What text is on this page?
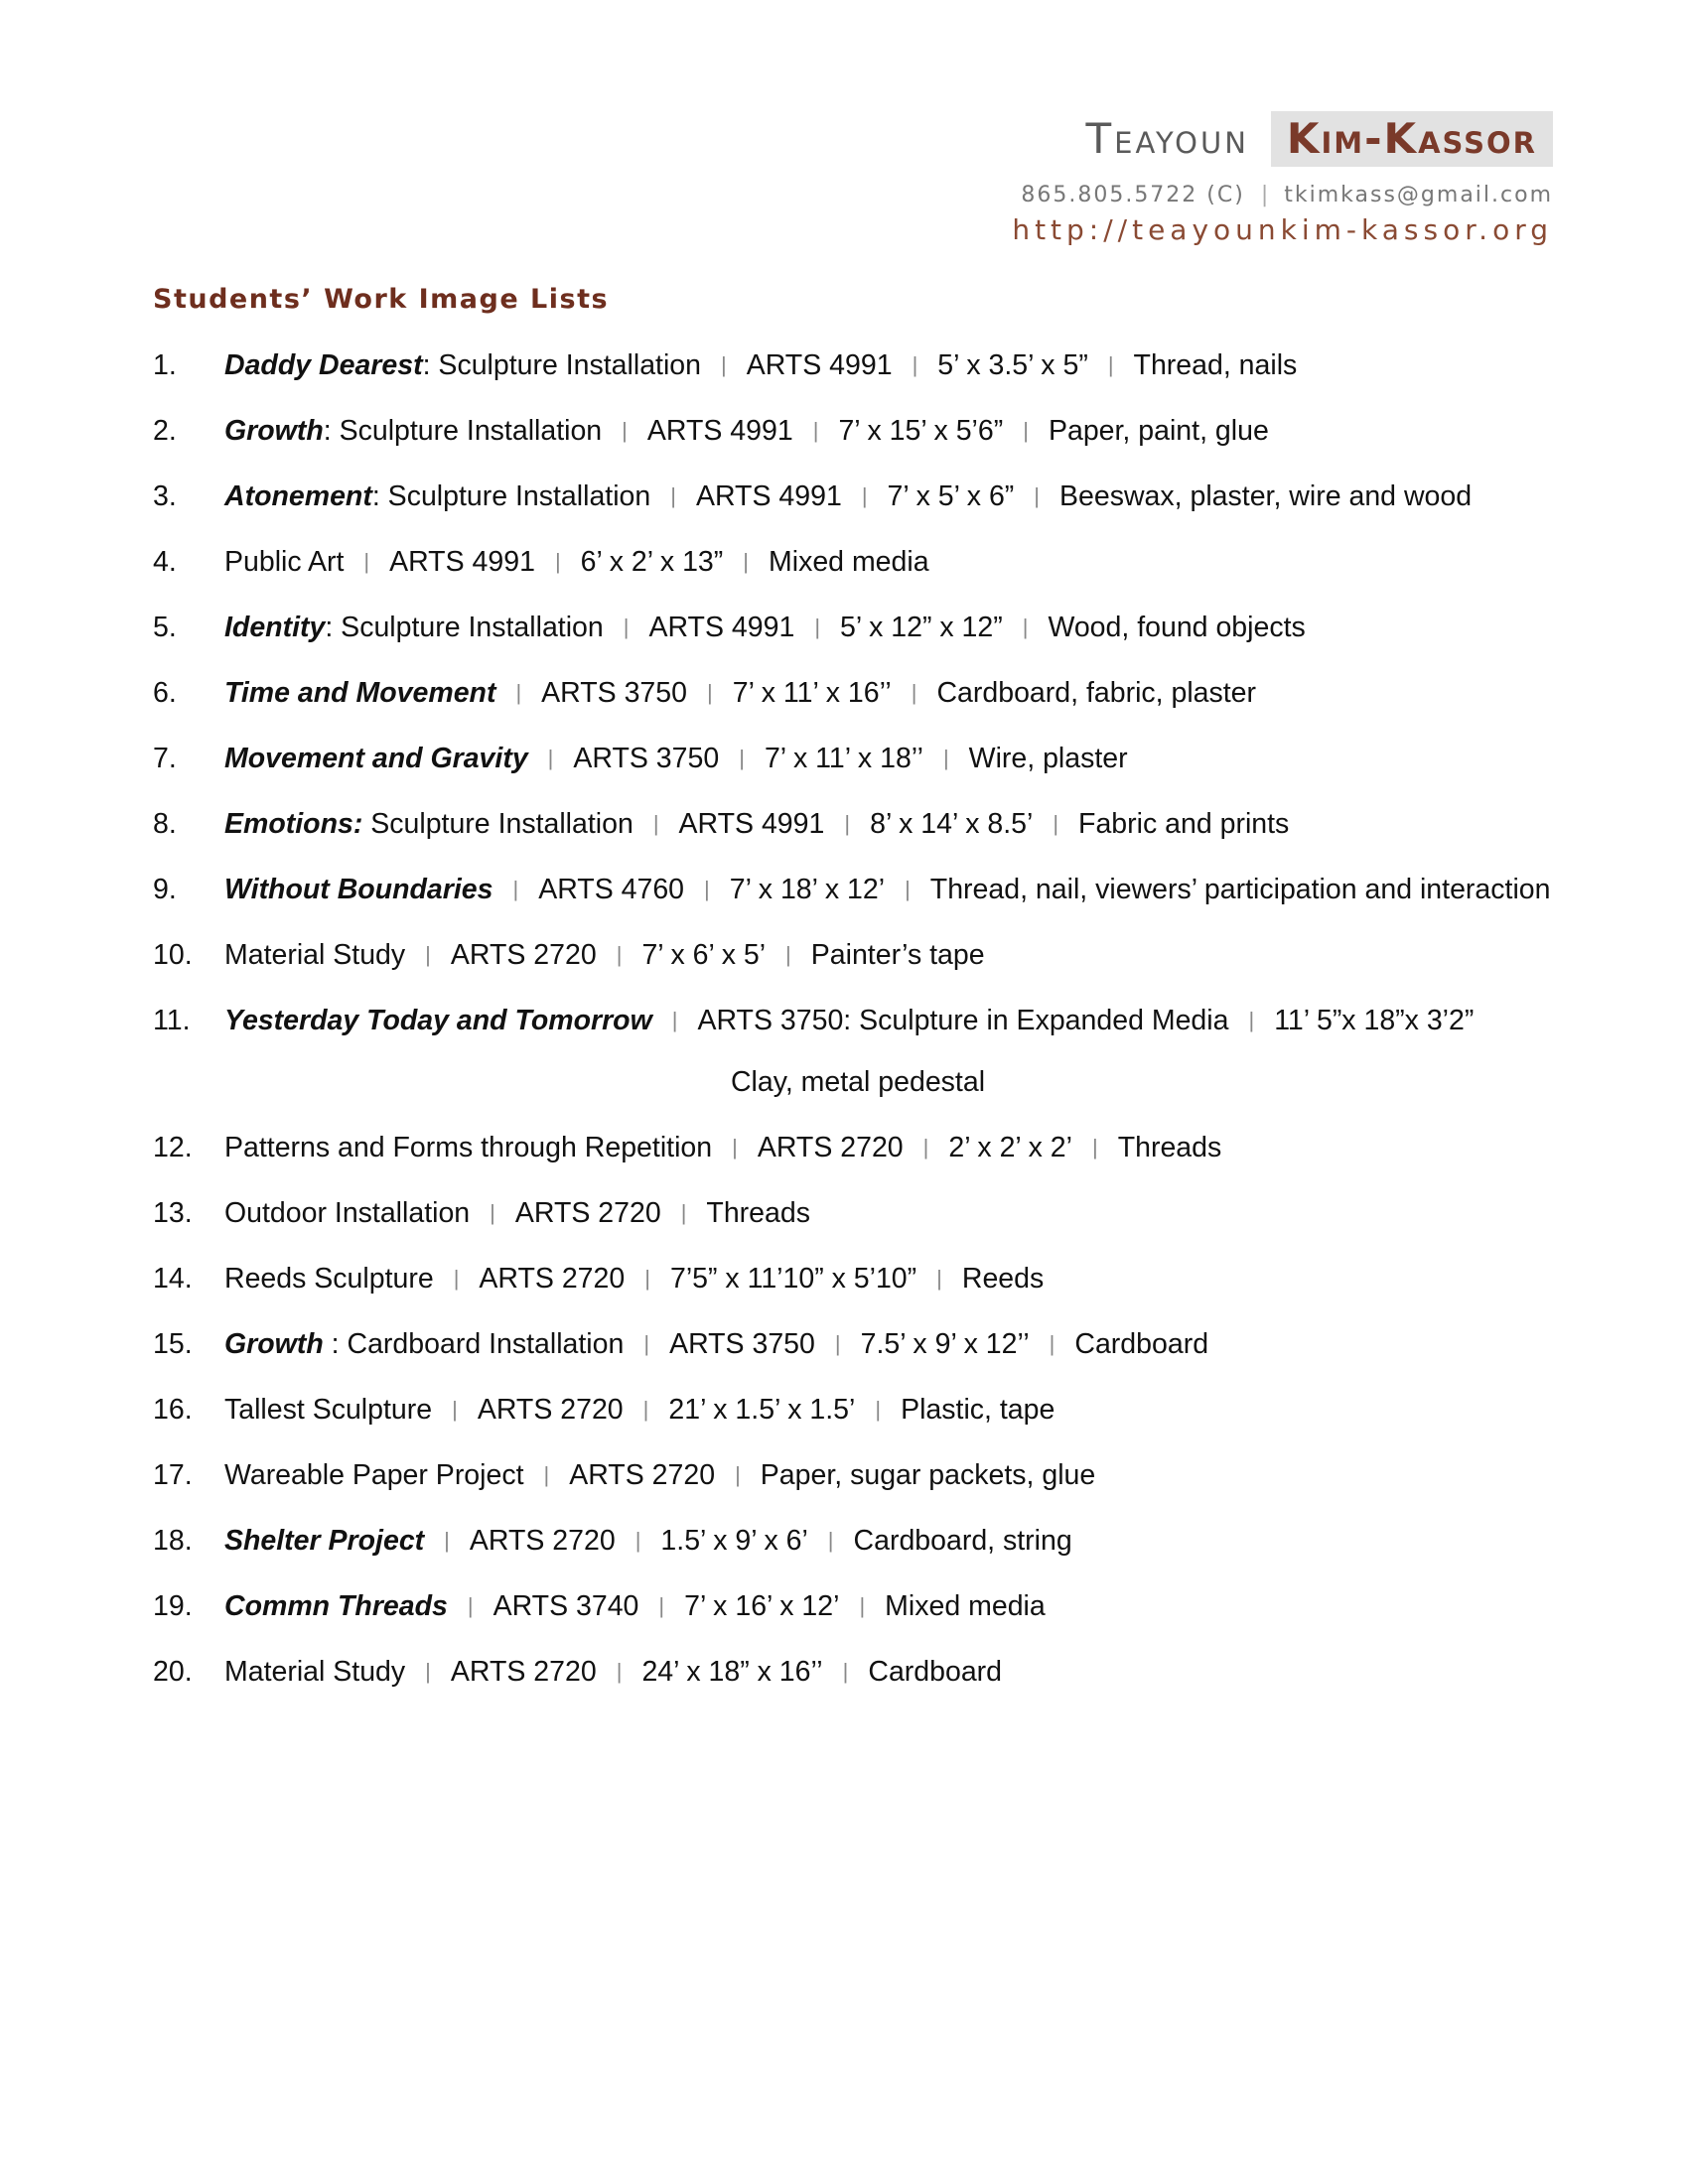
Teayoun Kim-Kassor
865.805.5722 (C) | tkimkass@gmail.com
http://teayounkim-kassor.org
Students’ Work Image Lists
1.	Daddy Dearest: Sculpture Installation | ARTS 4991 | 5’ x 3.5’ x 5” | Thread, nails
2.	Growth: Sculpture Installation | ARTS 4991 | 7’ x 15’ x 5’6” | Paper, paint, glue
3.	Atonement: Sculpture Installation | ARTS 4991 | 7’ x 5’ x 6” | Beeswax, plaster, wire and wood
4.	Public Art | ARTS 4991 | 6’ x 2’ x 13” | Mixed media
5.	Identity: Sculpture Installation | ARTS 4991 | 5’ x 12” x 12” | Wood, found objects
6.	Time and Movement | ARTS 3750 | 7’ x 11’ x 16’’ | Cardboard, fabric, plaster
7.	Movement and Gravity | ARTS 3750 | 7’ x 11’ x 18’’ | Wire, plaster
8.	Emotions: Sculpture Installation | ARTS 4991 | 8’ x 14’ x 8.5’ | Fabric and prints
9.	Without Boundaries | ARTS 4760 | 7’ x 18’ x 12’ | Thread, nail, viewers’ participation and interaction
10.	Material Study | ARTS 2720 | 7’ x 6’ x 5’ | Painter’s tape
11.	Yesterday Today and Tomorrow | ARTS 3750: Sculpture in Expanded Media | 11’ 5”x 18”x 3’2”
Clay, metal pedestal
12.	Patterns and Forms through Repetition | ARTS 2720 | 2’ x 2’ x 2’ | Threads
13.	Outdoor Installation | ARTS 2720 | Threads
14.	Reeds Sculpture | ARTS 2720 | 7’5” x 11’10” x 5’10” | Reeds
15.	Growth : Cardboard Installation | ARTS 3750 | 7.5’ x 9’ x 12’’ | Cardboard
16.	Tallest Sculpture | ARTS 2720 | 21’ x 1.5’ x 1.5’ | Plastic, tape
17.	Wareable Paper Project | ARTS 2720 | Paper, sugar packets, glue
18.	Shelter Project | ARTS 2720 | 1.5’ x 9’ x 6’ | Cardboard, string
19.	Commn Threads | ARTS 3740 | 7’ x 16’ x 12’ | Mixed media
20.	Material Study | ARTS 2720 | 24’ x 18” x 16’’ | Cardboard
